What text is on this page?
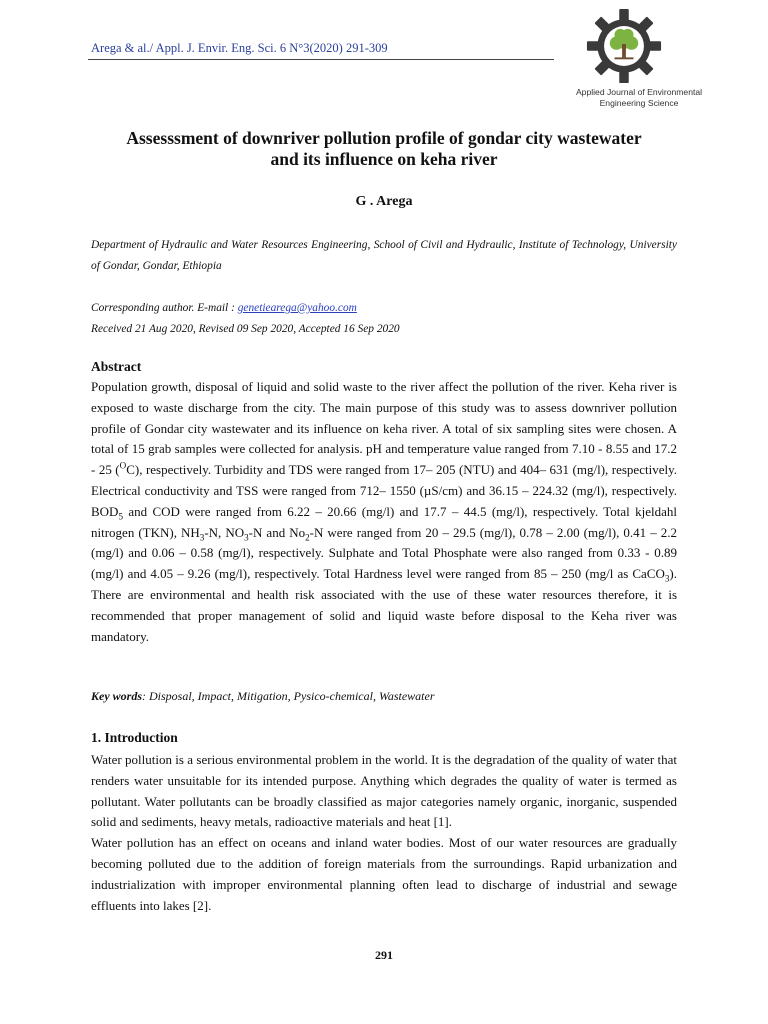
Arega & al./ Appl. J. Envir. Eng. Sci. 6 N°3(2020) 291-309
Applied Journal of Environmental
Engineering Science
Assesssment of downriver pollution profile of gondar city wastewater
and its influence on keha river
G . Arega
Department of Hydraulic and Water Resources Engineering, School of Civil and Hydraulic, Institute of Technology, University of Gondar, Gondar, Ethiopia
Corresponding author. E-mail : genetiearega@yahoo.com
Received 21 Aug 2020, Revised 09 Sep 2020, Accepted 16 Sep 2020
Abstract

Population growth, disposal of liquid and solid waste to the river affect the pollution of the river. Keha river is exposed to waste discharge from the city. The main purpose of this study was to assess downriver pollution profile of Gondar city wastewater and its influence on keha river. A total of six sampling sites were chosen. A total of 15 grab samples were collected for analysis. pH and temperature value ranged from 7.10 - 8.55 and 17.2 - 25 ($^O$C), respectively. Turbidity and TDS were ranged from 17– 205 (NTU) and 404– 631 (mg/l), respectively. Electrical conductivity and TSS were ranged from 712– 1550 (µS/cm) and 36.15 – 224.32 (mg/l), respectively. $BOD_5$ and COD were ranged from 6.22 – 20.66 (mg/l) and 17.7 – 44.5 (mg/l), respectively. Total kjeldahl nitrogen (TKN), $NH_3-N$, $NO_3-N$ and $No_2-N$ were ranged from 20 – 29.5 (mg/l), 0.78 – 2.00 (mg/l), 0.41 – 2.2 (mg/l) and 0.06 – 0.58 (mg/l), respectively. Sulphate and Total Phosphate were also ranged from 0.33 - 0.89 (mg/l) and 4.05 – 9.26 (mg/l), respectively. Total Hardness level were ranged from 85 – 250 (mg/l as CaCO$_3$). There are environmental and health risk associated with the use of these water resources therefore, it is recommended that proper management of solid and liquid waste before disposal to the Keha river was mandatory.

Key words: Disposal, Impact, Mitigation, Pysico-chemical, Wastewater
1. Introduction

Water pollution is a serious environmental problem in the world. It is the degradation of the quality of water that renders water unsuitable for its intended purpose. Anything which degrades the quality of water is termed as pollutant. Water pollutants can be broadly classified as major categories namely organic, inorganic, suspended solid and sediments, heavy metals, radioactive materials and heat [1].

Water pollution has an effect on oceans and inland water bodies. Most of our water resources are gradually becoming polluted due to the addition of foreign materials from the surroundings. Rapid urbanization and industrialization with improper environmental planning often lead to discharge of industrial and sewage effluents into lakes [2].

291
